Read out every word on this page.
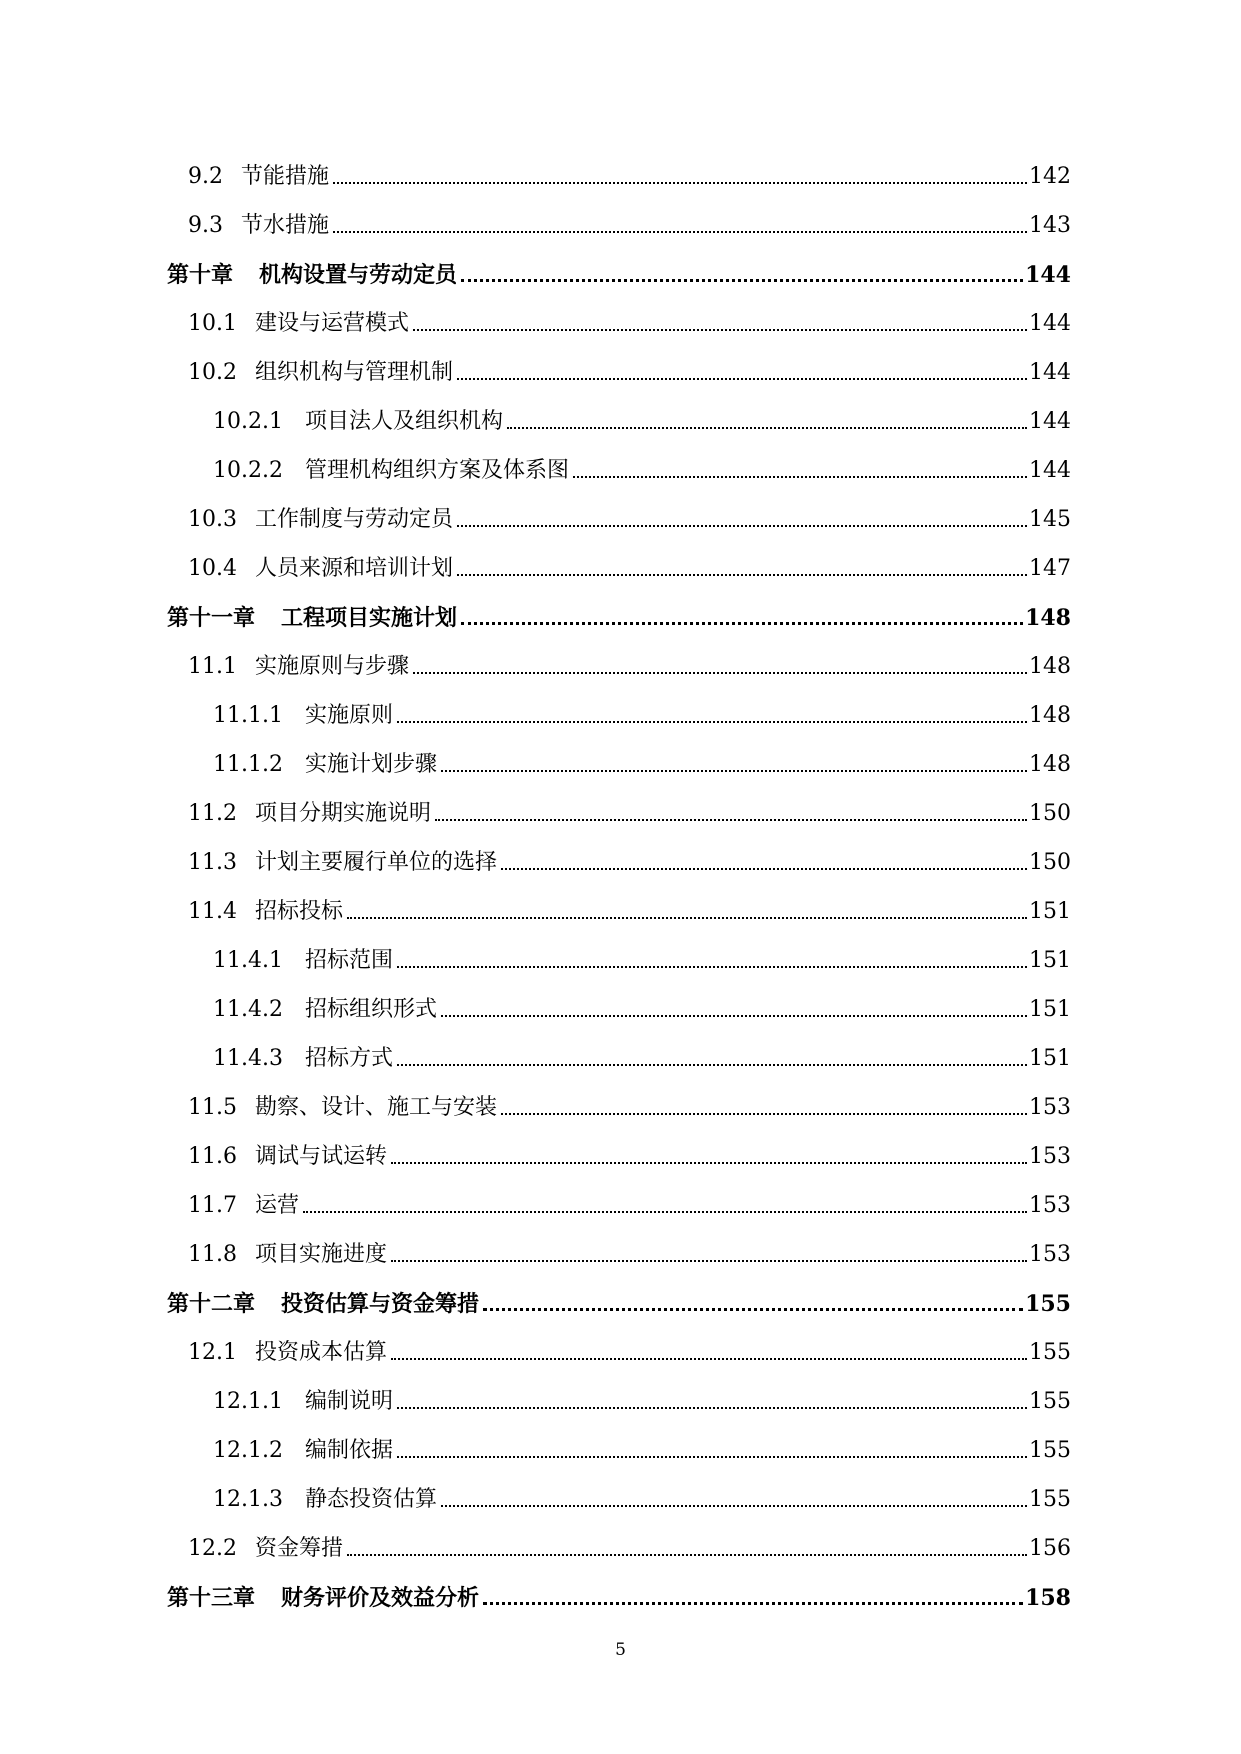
9.2 节能措施	142
9.3 节水措施	143
第十章 机构设置与劳动定员	144
10.1 建设与运营模式	144
10.2 组织机构与管理机制	144
10.2.1 项目法人及组织机构	144
10.2.2 管理机构组织方案及体系图	144
10.3 工作制度与劳动定员	145
10.4 人员来源和培训计划	147
第十一章 工程项目实施计划	148
11.1 实施原则与步骤	148
11.1.1 实施原则	148
11.1.2 实施计划步骤	148
11.2 项目分期实施说明	150
11.3 计划主要履行单位的选择	150
11.4 招标投标	151
11.4.1 招标范围	151
11.4.2 招标组织形式	151
11.4.3 招标方式	151
11.5 勘察、设计、施工与安装	153
11.6 调试与试运转	153
11.7 运营	153
11.8 项目实施进度	153
第十二章 投资估算与资金筹措	155
12.1 投资成本估算	155
12.1.1 编制说明	155
12.1.2 编制依据	155
12.1.3 静态投资估算	155
12.2 资金筹措	156
第十三章 财务评价及效益分析	158
5
